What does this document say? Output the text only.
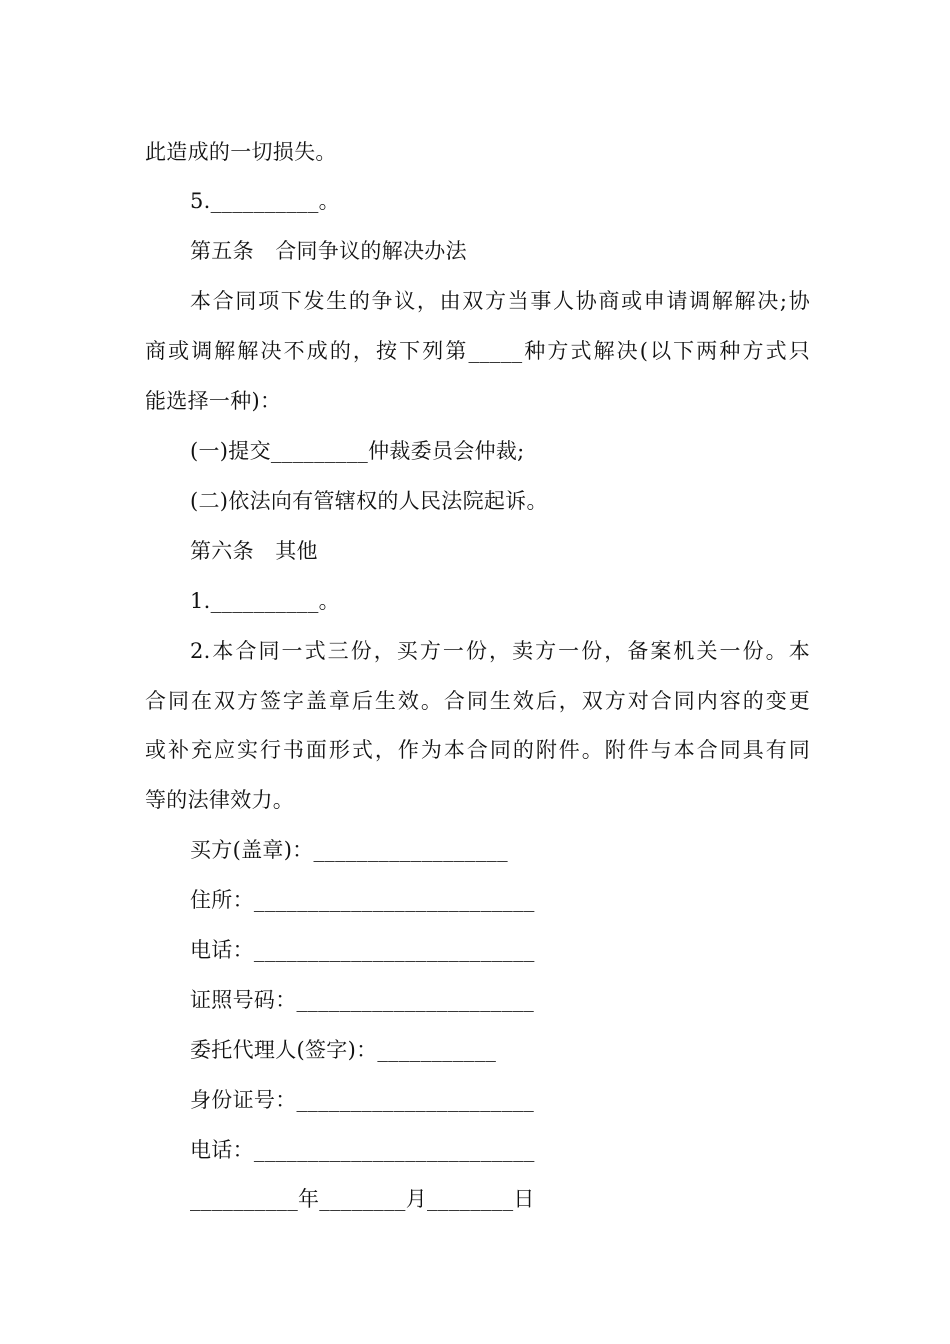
此造成的一切损失。
5.__________。
第五条　合同争议的解决办法
本合同项下发生的争议，由双方当事人协商或申请调解解决;协
商或调解解决不成的，按下列第_____种方式解决(以下两种方式只
能选择一种)：
(一)提交_________仲裁委员会仲裁;
(二)依法向有管辖权的人民法院起诉。
第六条　其他
1.__________。
2.本合同一式三份，买方一份，卖方一份，备案机关一份。本
合同在双方签字盖章后生效。合同生效后，双方对合同内容的变更
或补充应实行书面形式，作为本合同的附件。附件与本合同具有同
等的法律效力。
买方(盖章)：__________________
住所：__________________________
电话：__________________________
证照号码：______________________
委托代理人(签字)：___________
身份证号：______________________
电话：__________________________
__________年________月________日
